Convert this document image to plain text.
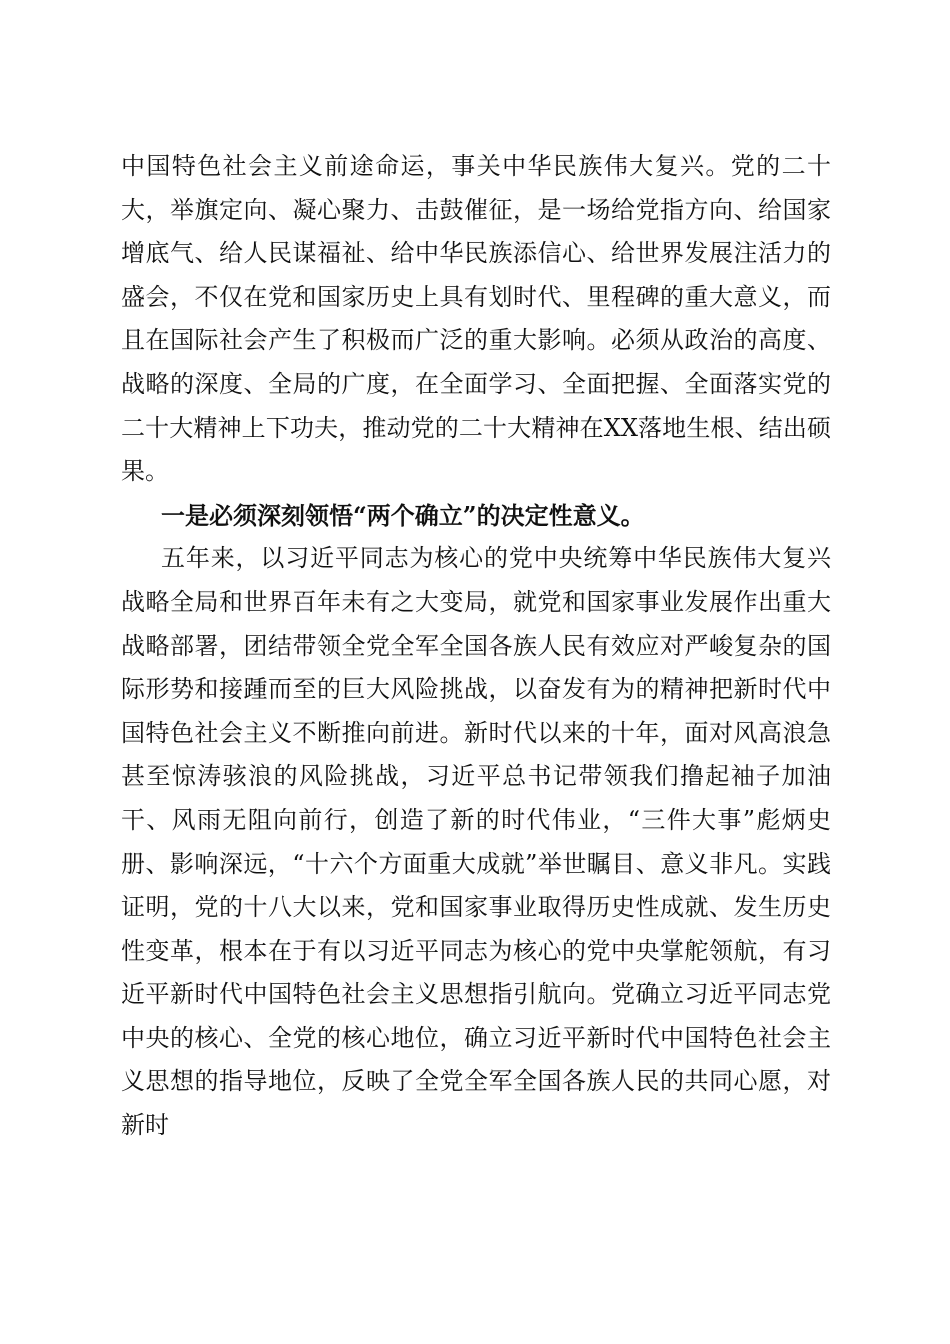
中国特色社会主义前途命运，事关中华民族伟大复兴。党的二十大，举旗定向、凝心聚力、击鼓催征，是一场给党指方向、给国家增底气、给人民谋福祉、给中华民族添信心、给世界发展注活力的盛会，不仅在党和国家历史上具有划时代、里程碑的重大意义，而且在国际社会产生了积极而广泛的重大影响。必须从政治的高度、战略的深度、全局的广度，在全面学习、全面把握、全面落实党的二十大精神上下功夫，推动党的二十大精神在XX落地生根、结出硕果。

一是必须深刻领悟“两个确立”的决定性意义。

五年来，以习近平同志为核心的党中央统筹中华民族伟大复兴战略全局和世界百年未有之大变局，就党和国家事业发展作出重大战略部署，团结带领全党全军全国各族人民有效应对严峻复杂的国际形势和接踵而至的巨大风险挑战，以奋发有为的精神把新时代中国特色社会主义不断推向前进。新时代以来的十年，面对风高浪急甚至惊涛骇浪的风险挑战，习近平总书记带领我们撸起袖子加油干、风雨无阻向前行，创造了新的时代伟业，“三件大事”彪炳史册、影响深远，“十六个方面重大成就”举世瞩目、意义非凡。实践证明，党的十八大以来，党和国家事业取得历史性成就、发生历史性变革，根本在于有以习近平同志为核心的党中央掌舵领航，有习近平新时代中国特色社会主义思想指引航向。党确立习近平同志党中央的核心、全党的核心地位，确立习近平新时代中国特色社会主义思想的指导地位，反映了全党全军全国各族人民的共同心愿，对新时
